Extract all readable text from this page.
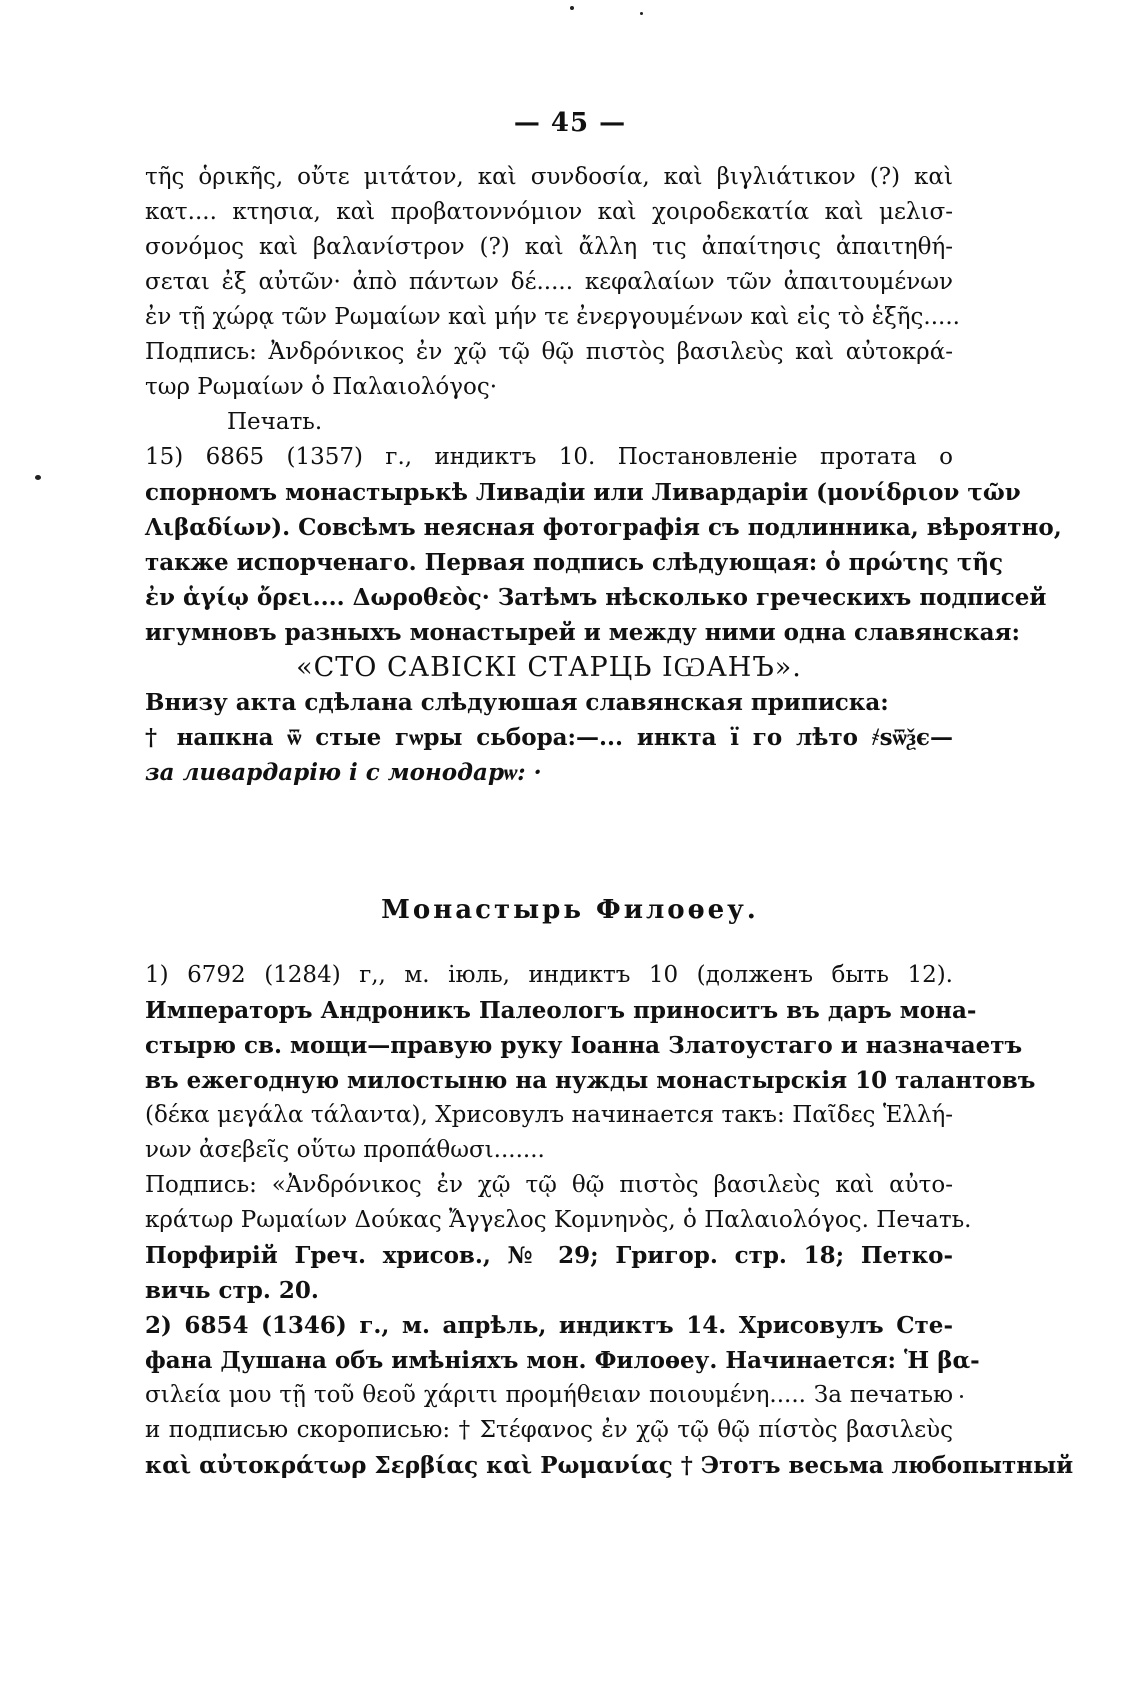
— 45 —
τῆς ὁρικῆς, οὔτε μιτάτον, καὶ συνδοσία, καὶ βιγλιάτικον (?) καὶ
κατ.... κτησια, καὶ προβατοννόμιον καὶ χοιροδεκατία καὶ μελισ-
σονόμος καὶ βαλανίστρον (?) καὶ ἄλλη τις ἀπαίτησις ἀπαιτηθή-
σεται ἐξ αὐτῶν· ἀπὸ πάντων δέ..... κεφαλαίων τῶν ἀπαιτουμένων
ἐν τῇ χώρᾳ τῶν Ρωμαίων καὶ μήν τε ἐνεργουμένων καὶ εἰς τὸ ἑξῆς.....
Подпись: Ἀνδρόνικος ἐν χῷ τῷ θῷ πιστὸς βασιλεὺς καὶ αὐτοκρά-
τωρ Ρωμαίων ὁ Παλαιολόγος·
Печать.
15) 6865 (1357) г., индиктъ 10. Постановленіе протата о
спорномъ монастырькѣ Ливадіи или Ливардаріи (μονίδριον τῶν
Λιβαδίων). Совсѣмъ неясная фотографія съ подлинника, вѣроятно,
также испорченаго. Первая подпись слѣдующая: ὁ πρώτης τῆς
ἐν ἁγίῳ ὄρει.... Δωροθεὸς· Затѣмъ нѣсколько греческихъ подписей
игумновъ разныхъ монастырей и между ними одна славянская:
«СТО САВІСКІ СТАРЦЬ ІѠАНЪ».
Внизу акта сдѣлана слѣдуюшая славянская приписка:
† напкна ѿ стые гѡры сьбора:—... инкта ї го лѣто ҂ѕѿѯє—
за ливардарію і с монодарѡ: ·
Монастырь Филоѳеу.
1) 6792 (1284) г,, м. іюль, индиктъ 10 (долженъ быть 12).
Императоръ Андроникъ Палеологъ приноситъ въ даръ мона-
стырю св. мощи—правую руку Іоанна Златоустаго и назначаетъ
въ ежегодную милостыню на нужды монастырскія 10 талантовъ
(δέκα μεγάλα τάλαντα), Хрисовулъ начинается такъ: Παῖδες Ἑλλή-
νων ἀσεβεῖς οὕτω προπάθωσι.......
Подпись: «Ἀνδρόνικος ἐν χῷ τῷ θῷ πιστὸς βασιλεὺς καὶ αὐτο-
κράτωρ Ρωμαίων Δούκας Ἄγγελος Κομνηνὸς, ὁ Παλαιολόγος. Печать.
Порфирій Греч. хрисов., № 29; Григор. стр. 18; Петко-
вичь стр. 20.
2) 6854 (1346) г., м. апрѣль, индиктъ 14. Хрисовулъ Сте-
фана Душана объ имѣніяхъ мон. Филоѳеу. Начинается: Ἡ βα-
σιλεία μου τῇ τοῦ θεοῦ χάριτι προμήθειαν ποιουμένη..... За печатью
и подписью скорописью: † Στέφανος ἐν χῷ τῷ θῷ πίστὸς βασιλεὺς
καὶ αὐτοκράτωρ Σερβίας καὶ Ρωμανίας † Этотъ весьма любопытный
